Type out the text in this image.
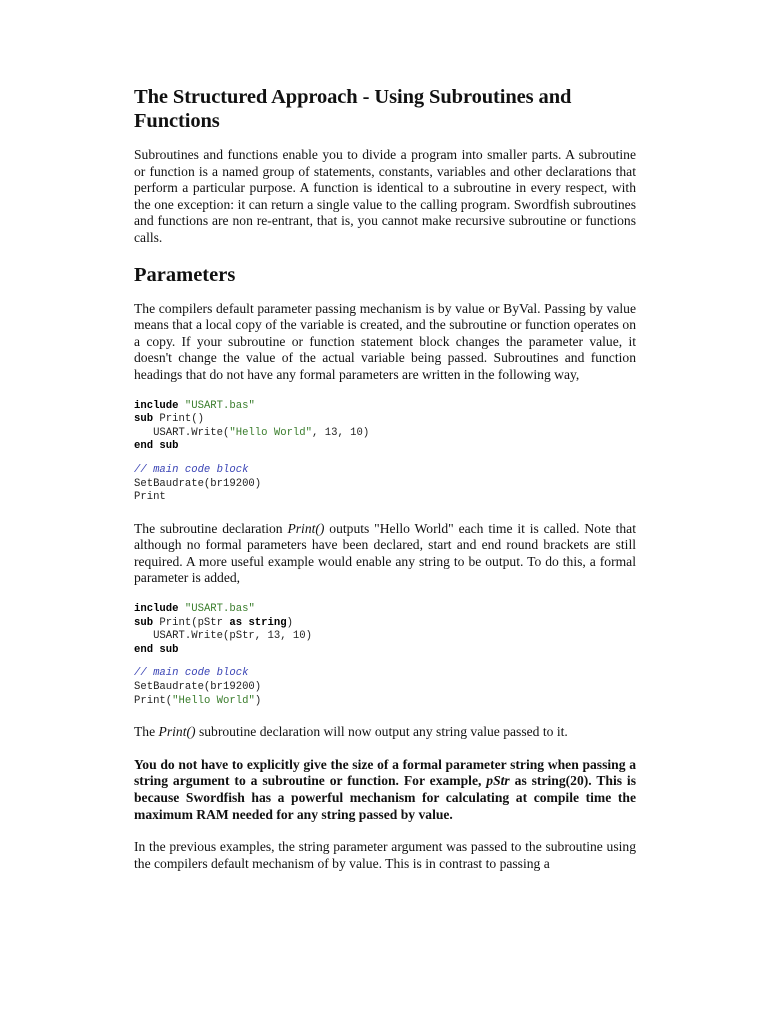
The Structured Approach - Using Subroutines and Functions

Subroutines and functions enable you to divide a program into smaller parts. A subroutine or function is a named group of statements, constants, variables and other declarations that perform a particular purpose. A function is identical to a subroutine in every respect, with the one exception: it can return a single value to the calling program. Swordfish subroutines and functions are non re-entrant, that is, you cannot make recursive subroutine or functions calls.

Parameters

The compilers default parameter passing mechanism is by value or ByVal. Passing by value means that a local copy of the variable is created, and the subroutine or function operates on a copy. If your subroutine or function statement block changes the parameter value, it doesn't change the value of the actual variable being passed. Subroutines and function headings that do not have any formal parameters are written in the following way,

include "USART.bas"
sub Print()
USART.Write("Hello World", 13, 10)
end sub
// main code block
SetBaudrate(br19200)
Print

The subroutine declaration Print() outputs "Hello World" each time it is called. Note that although no formal parameters have been declared, start and end round brackets are still required. A more useful example would enable any string to be output. To do this, a formal parameter is added,

include "USART.bas"
sub Print(pStr as string)
USART.Write(pStr, 13, 10)
end sub
// main code block
SetBaudrate(br19200)
Print("Hello World")

The Print() subroutine declaration will now output any string value passed to it.

You do not have to explicitly give the size of a formal parameter string when passing a string argument to a subroutine or function. For example, pStr as string(20). This is because Swordfish has a powerful mechanism for calculating at compile time the maximum RAM needed for any string passed by value.

In the previous examples, the string parameter argument was passed to the subroutine using the compilers default mechanism of by value. This is in contrast to passing a
